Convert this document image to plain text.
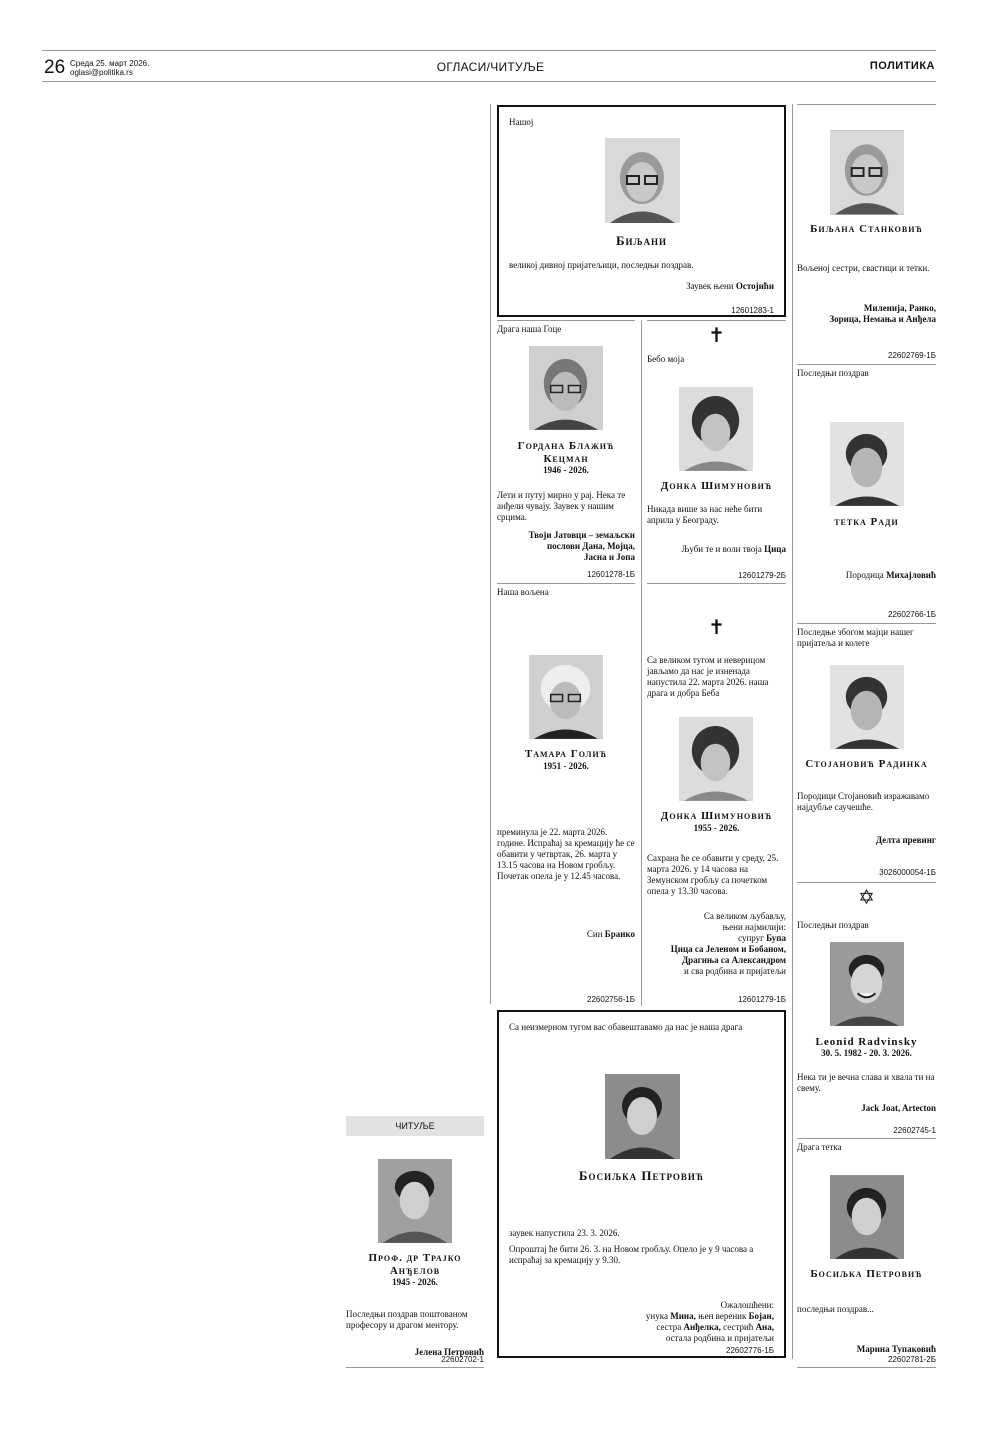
26 Среда 25. март 2026.
oglasi@politika.rs	ОГЛАСИ/ЧИТУЉЕ	ПОЛИТИКА
Нашој
Биљани
великој дивној пријатељици, последњи поздрав.
Заувек њени Остојићи
12601283-1
Биљана Станковић
Вољеној сестри, свастици и тетки.
Миленија, Ранко,
Зорица, Немања и Анђела
22602769-1Б
Драга наша Гоце
Гордана Блажић
Кецман
1946 - 2026.
Лети и путуј мирно у рај. Нека те анђели чувају. Заувек у нашим срцима.
Твоји Јатовци – земаљски
послови Дана, Мојца,
Јасна и Јопа
12601278-1Б
✝
Бебо моја
Донка Шимуновић
Никада више за нас неће бити априла у Београду.
Љуби те и воли твоја Цица
12601279-2Б
Последњи поздрав
тетка Ради
Породица Михајловић
22602766-1Б
Наша вољена
Тамара Голић
1951 - 2026.
преминула је 22. марта 2026. године. Испраћај за кремацију ће се обавити у четвртак, 26. марта у 13.15 часова на Новом гробљу. Почетак опела је у 12.45 часова.
Син Бранко
22602756-1Б
✝
Са великом тугом и неверицом јављамо да нас је изненада напустила 22. марта 2026. наша драга и добра Беба
Донка Шимуновић
1955 - 2026.
Сахрана ће се обавити у среду, 25. марта 2026. у 14 часова на Земунском гробљу са почетком опела у 13.30 часова.
Са великом љубављу,
њени најмилији:
супруг Бупа
Цица са Јеленом и Бобаном,
Драгиња са Александром
и сва родбина и пријатељи
12601279-1Б
Последње збогом мајци нашег пријатеља и колеге
Стојановић Радинка
Породици Стојановић изражавамо најдубље саучешће.
Делта превинг
3026000054-1Б
✡
Последњи поздрав
Leonid Radvinsky
30. 5. 1982 - 20. 3. 2026.
Нека ти је вечна слава и хвала ти на свему.
Jack Joat, Artecton
22602745-1
Са неизмерном тугом вас обавештавамо да нас је наша драга
Босиљка Петровић
заувек напустила 23. 3. 2026.
Опроштај ће бити 26. 3. на Новом гробљу. Опело је у 9 часова а испраћај за кремацију у 9.30.
Ожалошћени:
унука Мина, њен вереник Бојан,
сестра Анђелка, сестрић Ана,
остала родбина и пријатељи
22602776-1Б
Драга тетка
Босиљка Петровић
последњи поздрав...
Марина Тупаковић
22602781-2Б
ЧИТУЉЕ
Проф. др Трајко
Анђелов
1945 - 2026.
Последњи поздрав поштованом професору и драгом ментору.
Јелена Петровић
22602702-1
